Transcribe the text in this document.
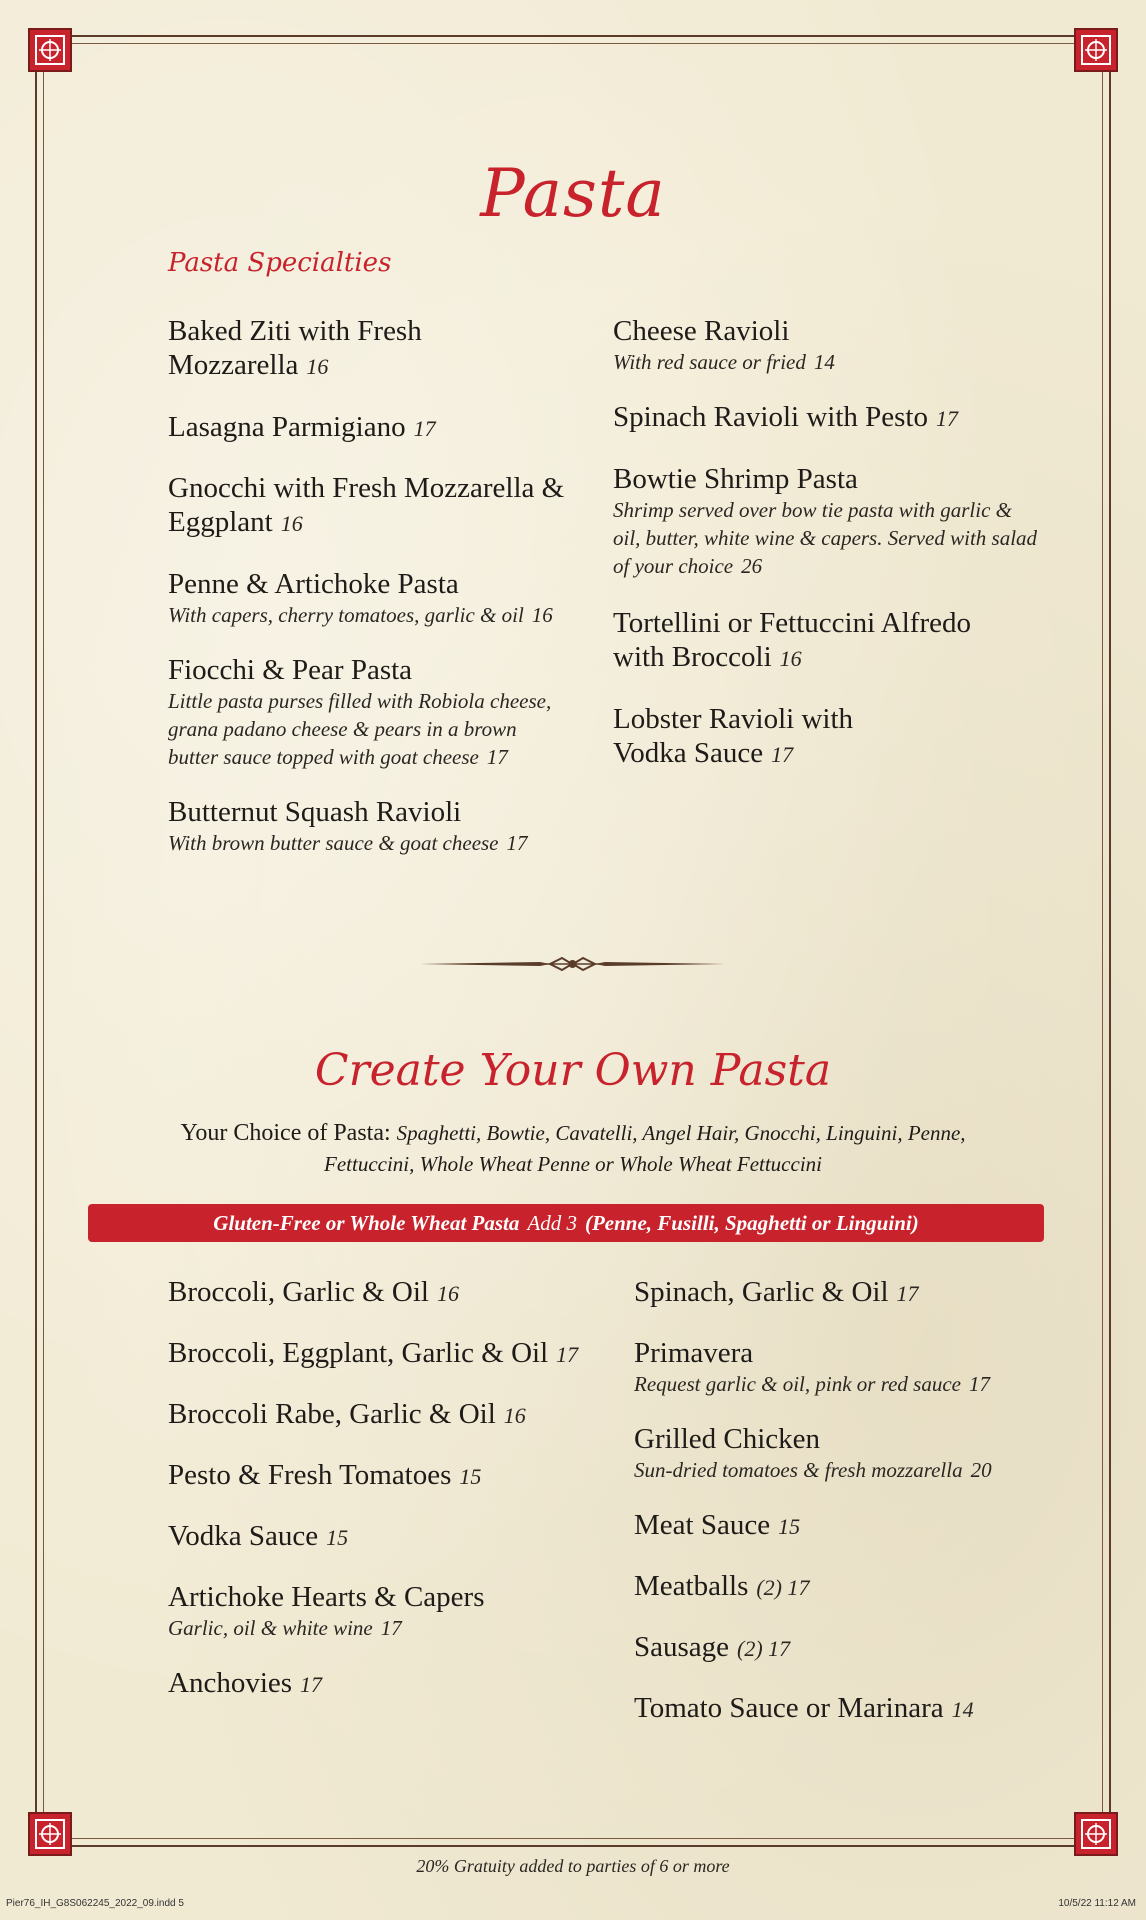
Pasta
Pasta Specialties
Baked Ziti with Fresh Mozzarella 16
Lasagna Parmigiano 17
Gnocchi with Fresh Mozzarella & Eggplant 16
Penne & Artichoke Pasta
With capers, cherry tomatoes, garlic & oil 16
Fiocchi & Pear Pasta
Little pasta purses filled with Robiola cheese, grana padano cheese & pears in a brown butter sauce topped with goat cheese 17
Butternut Squash Ravioli
With brown butter sauce & goat cheese 17
Cheese Ravioli
With red sauce or fried 14
Spinach Ravioli with Pesto 17
Bowtie Shrimp Pasta
Shrimp served over bow tie pasta with garlic & oil, butter, white wine & capers. Served with salad of your choice 26
Tortellini or Fettuccini Alfredo with Broccoli 16
Lobster Ravioli with Vodka Sauce 17
Create Your Own Pasta
Your Choice of Pasta: Spaghetti, Bowtie, Cavatelli, Angel Hair, Gnocchi, Linguini, Penne, Fettuccini, Whole Wheat Penne or Whole Wheat Fettuccini
Gluten-Free or Whole Wheat Pasta Add 3 (Penne, Fusilli, Spaghetti or Linguini)
Broccoli, Garlic & Oil 16
Broccoli, Eggplant, Garlic & Oil 17
Broccoli Rabe, Garlic & Oil 16
Pesto & Fresh Tomatoes 15
Vodka Sauce 15
Artichoke Hearts & Capers
Garlic, oil & white wine 17
Anchovies 17
Spinach, Garlic & Oil 17
Primavera
Request garlic & oil, pink or red sauce 17
Grilled Chicken
Sun-dried tomatoes & fresh mozzarella 20
Meat Sauce 15
Meatballs (2) 17
Sausage (2) 17
Tomato Sauce or Marinara 14
20% Gratuity added to parties of 6 or more
Pier76_IH_G8S062245_2022_09.indd 5	10/5/22 11:12 AM
